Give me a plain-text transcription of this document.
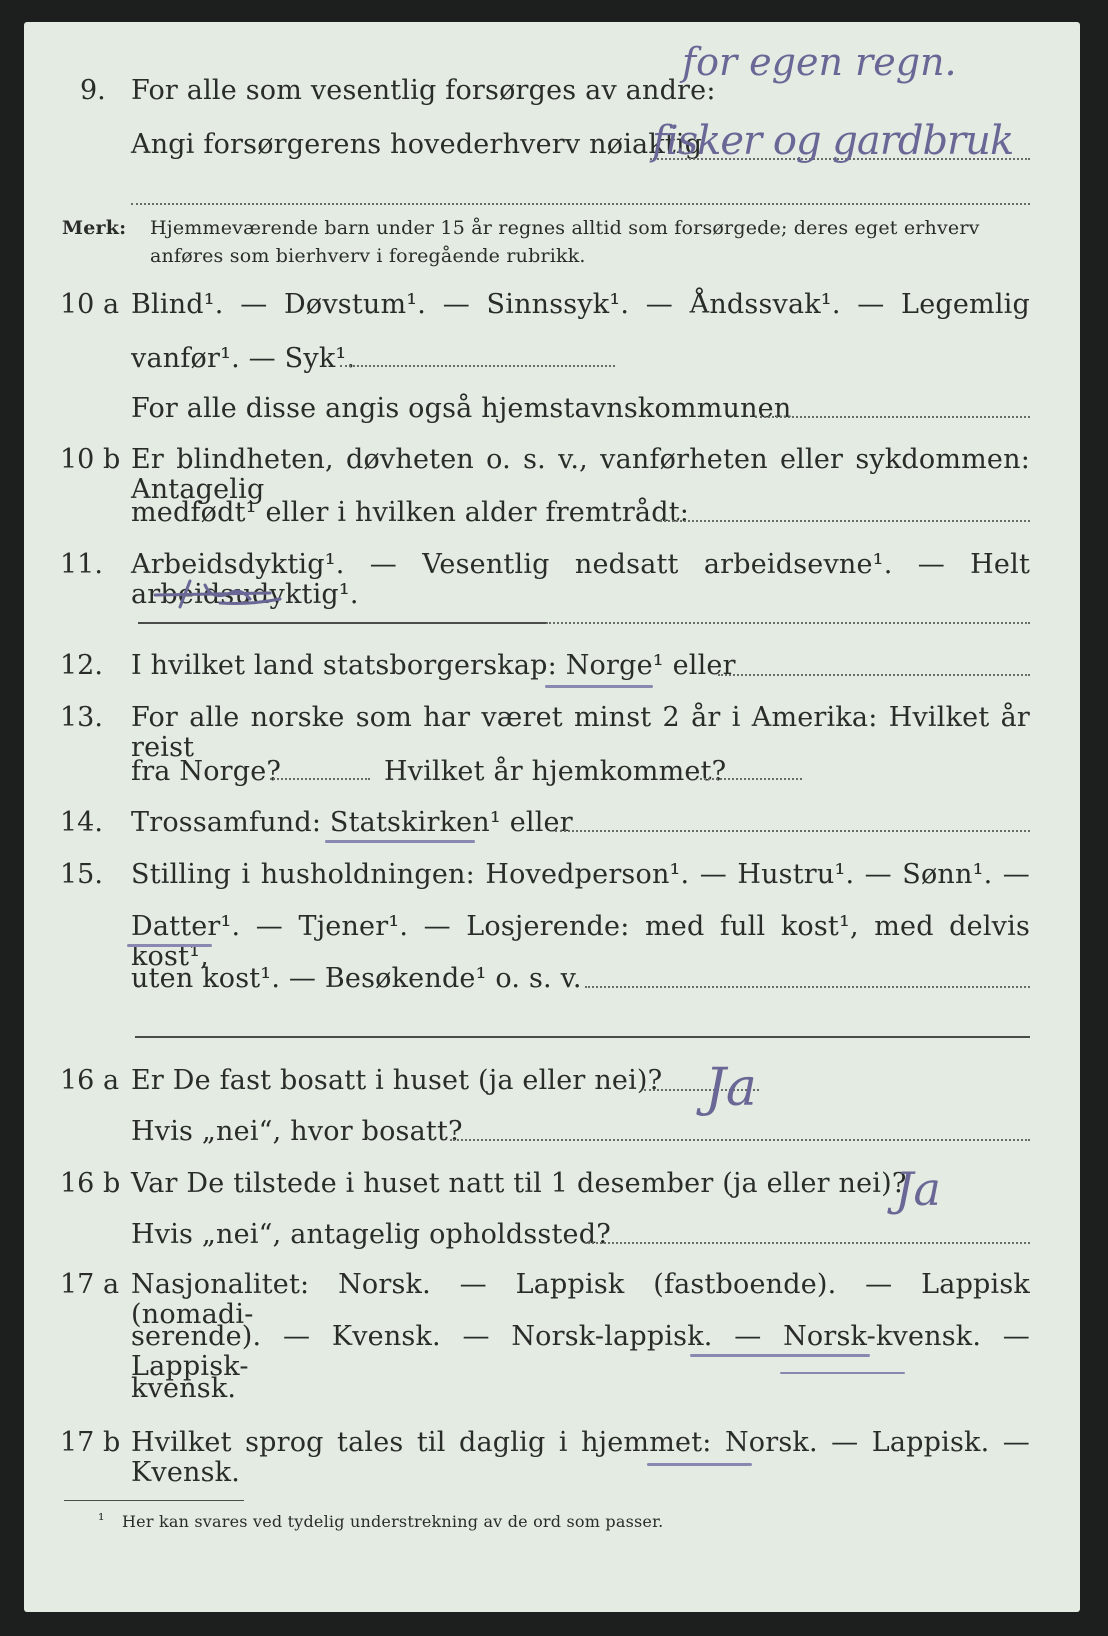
9. For alle som vesentlig forsørges av andre:
Angi forsørgerens hovederhverv nøiaktig
for egen regn.
fisker og gardbruk
Merk: Hjemmeværende barn under 15 år regnes alltid som forsørgede; deres eget erhverv
anføres som bierhverv i foregående rubrikk.
10 a Blind¹. — Døvstum¹. — Sinnssyk¹. — Åndssvak¹. — Legemlig
vanfør¹. — Syk¹.
For alle disse angis også hjemstavnskommunen
10 b Er blindheten, døvheten o. s. v., vanførheten eller sykdommen: Antagelig
medfødt¹ eller i hvilken alder fremtrådt:
11. Arbeidsdyktig¹. — Vesentlig nedsatt arbeidsevne¹. — Helt arbeidsudyktig¹.
12. I hvilket land statsborgerskap: Norge¹ eller
13. For alle norske som har været minst 2 år i Amerika: Hvilket år reist
fra Norge?	Hvilket år hjemkommet?
14. Trossamfund: Statskirken¹ eller
15. Stilling i husholdningen: Hovedperson¹. — Hustru¹. — Sønn¹. —
Datter¹. — Tjener¹. — Losjerende: med full kost¹, med delvis kost¹,
uten kost¹. — Besøkende¹ o. s. v.
16 a Er De fast bosatt i huset (ja eller nei)? Ja
Hvis „nei“, hvor bosatt?
16 b Var De tilstede i huset natt til 1 desember (ja eller nei)?
Ja
Hvis „nei“, antagelig opholdssted?
17 a Nasjonalitet: Norsk. — Lappisk (fastboende). — Lappisk (nomadi-
serende). — Kvensk. — Norsk-lappisk. — Norsk-kvensk. — Lappisk-
kvensk.
17 b Hvilket sprog tales til daglig i hjemmet: Norsk. — Lappisk. — Kvensk.
¹ Her kan svares ved tydelig understrekning av de ord som passer.
